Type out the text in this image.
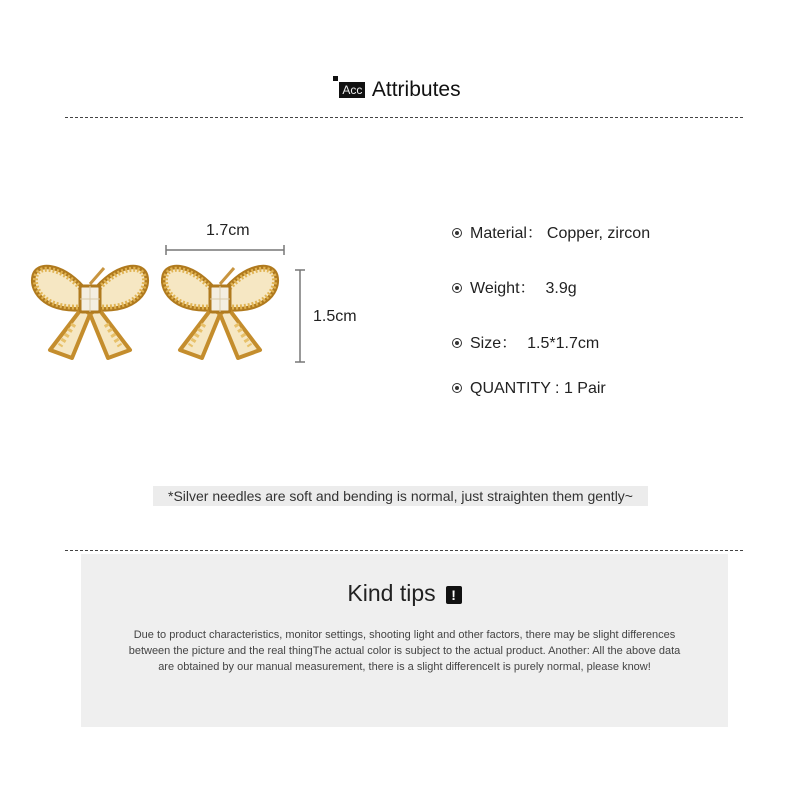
Acc Attributes
1.7cm
1.5cm
Material： Copper, zircon
Weight： 3.9g
Size： 1.5*1.7cm
QUANTITY : 1 Pair
*Silver needles are soft and bending is normal, just straighten them gently~
Kind tips !
Due to product characteristics, monitor settings, shooting light and other factors, there may be slight differences between the picture and the real thingThe actual color is subject to the actual product. Another: All the above data are obtained by our manual measurement, there is a slight differenceIt is purely normal, please know!
